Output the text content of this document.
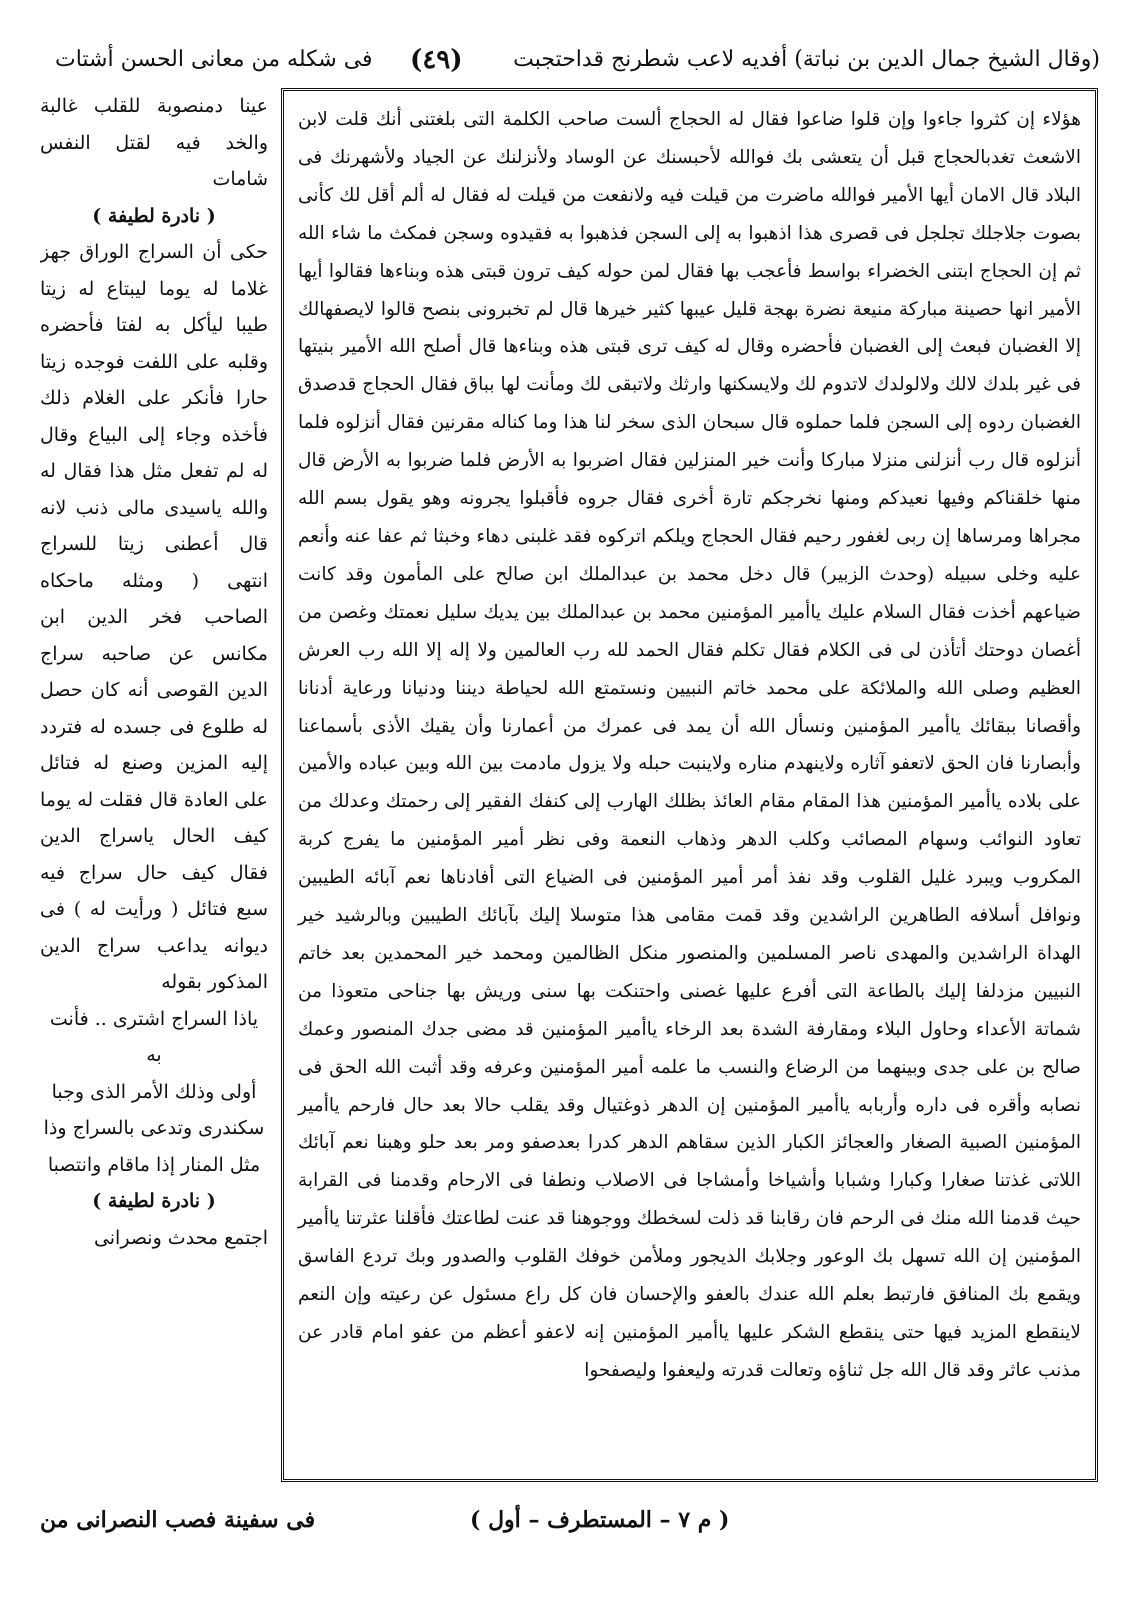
(وقال الشيخ جمال الدين بن نباتة) أفديه لاعب شطرنج قداحتجبت
(٤٩)
فى شكله من معانى الحسن أشتات

هؤلاء إن كثروا جاءوا وإن قلوا ضاعوا فقال له الحجاج ألست صاحب الكلمة التى بلغتنى أنك قلت لابن الاشعث تغدبالحجاج قبل أن يتعشى بك فوالله لأحبسنك عن الوساد ولأنزلنك عن الجياد ولأشهرنك فى البلاد قال الامان أيها الأمير فوالله ماضرت من قيلت فيه ولانفعت من قيلت له فقال له ألم أقل لك كأنى بصوت جلاجلك تجلجل فى قصرى هذا اذهبوا به إلى السجن فذهبوا به فقيدوه وسجن فمكث ما شاء الله ثم إن الحجاج ابتنى الخضراء بواسط فأعجب بها فقال لمن حوله كيف ترون قبتى هذه وبناءها فقالوا أيها الأمير انها حصينة مباركة منيعة نضرة بهجة قليل عيبها كثير خيرها قال لم تخبرونى بنصح قالوا لايصفهالك إلا الغضبان فبعث إلى الغضبان فأحضره وقال له كيف ترى قبتى هذه وبناءها قال أصلح الله الأمير بنيتها فى غير بلدك لالك ولالولدك لاتدوم لك ولايسكنها وارثك ولاتبقى لك ومأنت لها بباق فقال الحجاج قدصدق الغضبان ردوه إلى السجن فلما حملوه قال سبحان الذى سخر لنا هذا وما كناله مقرنين فقال أنزلوه فلما أنزلوه قال رب أنزلنى منزلا مباركا وأنت خير المنزلين فقال اضربوا به الأرض فلما ضربوا به الأرض قال منها خلقناكم وفيها نعيدكم ومنها نخرجكم تارة أخرى فقال جروه فأقبلوا يجرونه وهو يقول بسم الله مجراها ومرساها إن ربى لغفور رحيم فقال الحجاج ويلكم اتركوه فقد غلبنى دهاء وخبثا ثم عفا عنه وأنعم عليه وخلى سبيله (وحدث الزبير) قال دخل محمد بن عبدالملك ابن صالح على المأمون وقد كانت ضياعهم أخذت فقال السلام عليك ياأمير المؤمنين محمد بن عبدالملك بين يديك سليل نعمتك وغصن من أغصان دوحتك أتأذن لى فى الكلام فقال تكلم فقال الحمد لله رب العالمين ولا إله إلا الله رب العرش العظيم وصلى الله والملائكة على محمد خاتم النبيين ونستمتع الله لحياطة ديننا ودنيانا ورعاية أدنانا وأقصانا ببقائك ياأمير المؤمنين ونسأل الله أن يمد فى عمرك من أعمارنا وأن يقيك الأذى بأسماعنا وأبصارنا فان الحق لاتعفو آثاره ولاينهدم مناره ولاينبت حبله ولا يزول مادمت بين الله وبين عباده والأمين على بلاده ياأمير المؤمنين هذا المقام مقام العائذ بظلك الهارب إلى كنفك الفقير إلى رحمتك وعدلك من تعاود النوائب وسهام المصائب وكلب الدهر وذهاب النعمة وفى نظر أمير المؤمنين ما يفرج كربة المكروب ويبرد غليل القلوب وقد نفذ أمر أمير المؤمنين فى الضياع التى أفادناها نعم آبائه الطيبين ونوافل أسلافه الطاهرين الراشدين وقد قمت مقامى هذا متوسلا إليك بآبائك الطيبين وبالرشيد خير الهداة الراشدين والمهدى ناصر المسلمين والمنصور منكل الظالمين ومحمد خير المحمدين بعد خاتم النبيين مزدلفا إليك بالطاعة التى أفرع عليها غصنى واحتنكت بها سنى وريش بها جناحى متعوذا من شماتة الأعداء وحاول البلاء ومقارفة الشدة بعد الرخاء ياأمير المؤمنين قد مضى جدك المنصور وعمك صالح بن على جدى وبينهما من الرضاع والنسب ما علمه أمير المؤمنين وعرفه وقد أثبت الله الحق فى نصابه وأقره فى داره وأربابه ياأمير المؤمنين إن الدهر ذوغتيال وقد يقلب حالا بعد حال فارحم ياأمير المؤمنين الصبية الصغار والعجائز الكبار الذين سقاهم الدهر كدرا بعدصفو ومر بعد حلو وهبنا نعم آبائك اللاتى غذتنا صغارا وكبارا وشبابا وأشياخا وأمشاجا فى الاصلاب ونطفا فى الارحام وقدمنا فى القرابة حيث قدمنا الله منك فى الرحم فان رقابنا قد ذلت لسخطك ووجوهنا قد عنت لطاعتك فأقلنا عثرتنا ياأمير المؤمنين إن الله تسهل بك الوعور وجلابك الديجور وملأمن خوفك القلوب والصدور وبك تردع الفاسق ويقمع بك المنافق فارتبط بعلم الله عندك بالعفو والإحسان فان كل راع مسئول عن رعيته وإن النعم لاينقطع المزيد فيها حتى ينقطع الشكر عليها ياأمير المؤمنين إنه لاعفو أعظم من عفو امام قادر عن مذنب عاثر وقد قال الله جل ثناؤه وتعالت قدرته وليعفوا وليصفحوا

عينا دمنصوبة للقلب غالبة والخد فيه لقتل النفس شامات

( نادرة لطيفة )

حكى أن السراج الوراق جهز غلاما له يوما ليبتاع له زيتا طيبا ليأكل به لفتا فأحضره وقلبه على اللفت فوجده زيتا حارا فأنكر على الغلام ذلك فأخذه وجاء إلى البياع وقال له لم تفعل مثل هذا فقال له والله ياسيدى مالى ذنب لانه قال أعطنى زيتا للسراج انتهى ( ومثله ماحكاه الصاحب فخر الدين ابن مكانس عن صاحبه سراج الدين القوصى أنه كان حصل له طلوع فى جسده له فتردد إليه المزين وصنع له فتائل على العادة قال فقلت له يوما كيف الحال ياسراج الدين فقال كيف حال سراج فيه سبع فتائل ( ورأيت له ) فى ديوانه يداعب سراج الدين المذكور بقوله

ياذا السراج اشترى .. فأنت به

أولى وذلك الأمر الذى وجبا

سكندرى وتدعى بالسراج وذا

مثل المنار إذا ماقام وانتصبا

( نادرة لطيفة )

اجتمع محدث ونصرانى

( م ٧ – المستطرف – أول )
فى سفينة فصب النصرانى من
